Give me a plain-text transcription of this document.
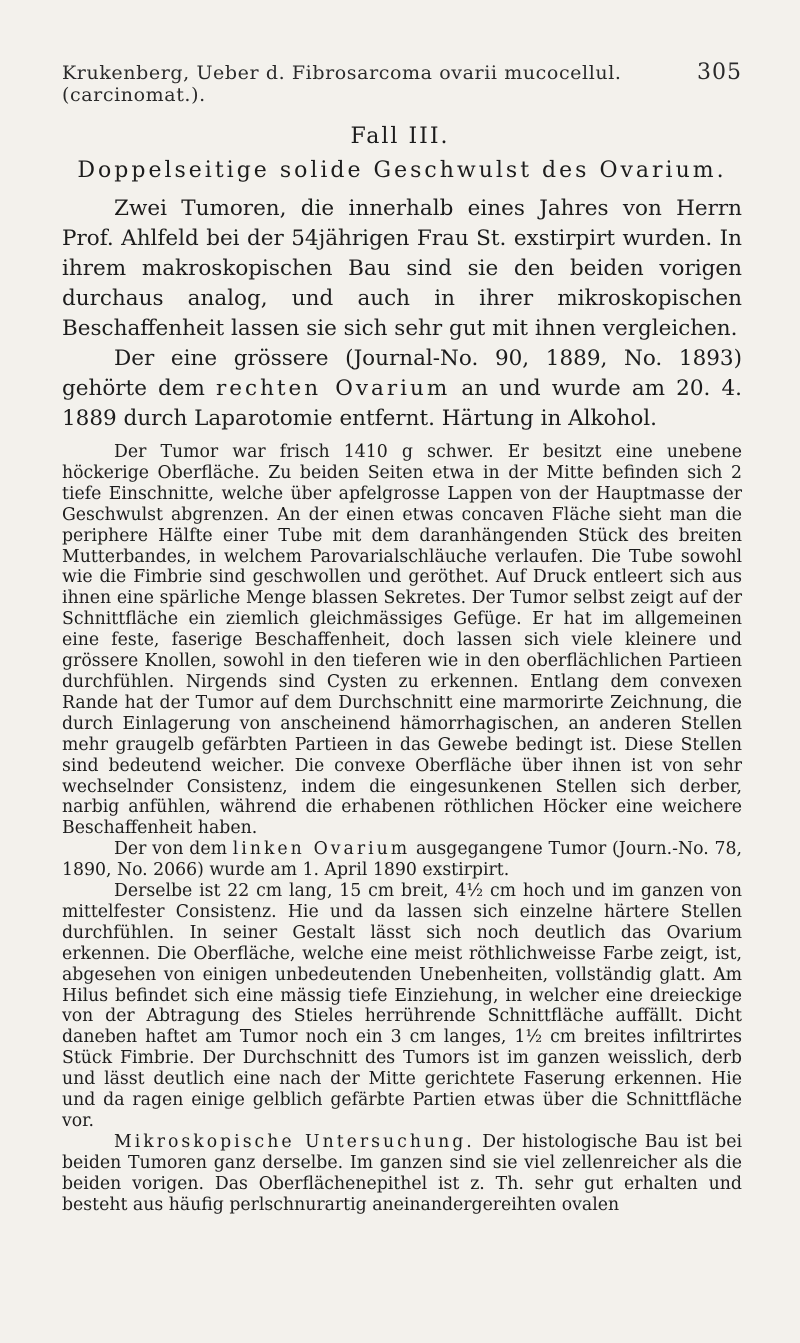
Krukenberg, Ueber d. Fibrosarcoma ovarii mucocellul. (carcinomat.).
305
Fall III.
Doppelseitige solide Geschwulst des Ovarium.

Zwei Tumoren, die innerhalb eines Jahres von Herrn Prof. Ahlfeld bei der 54jährigen Frau St. exstirpirt wurden. In ihrem makroskopischen Bau sind sie den beiden vorigen durchaus analog, und auch in ihrer mikroskopischen Beschaffenheit lassen sie sich sehr gut mit ihnen vergleichen.

Der eine grössere (Journal-No. 90, 1889, No. 1893) gehörte dem rechten Ovarium an und wurde am 20. 4. 1889 durch Laparotomie entfernt. Härtung in Alkohol.

Der Tumor war frisch 1410 g schwer. Er besitzt eine unebene höckerige Oberfläche. Zu beiden Seiten etwa in der Mitte befinden sich 2 tiefe Einschnitte, welche über apfelgrosse Lappen von der Hauptmasse der Geschwulst abgrenzen. An der einen etwas concaven Fläche sieht man die periphere Hälfte einer Tube mit dem daranhängenden Stück des breiten Mutterbandes, in welchem Parovarialschläuche verlaufen. Die Tube sowohl wie die Fimbrie sind geschwollen und geröthet. Auf Druck entleert sich aus ihnen eine spärliche Menge blassen Sekretes. Der Tumor selbst zeigt auf der Schnittfläche ein ziemlich gleichmässiges Gefüge. Er hat im allgemeinen eine feste, faserige Beschaffenheit, doch lassen sich viele kleinere und grössere Knollen, sowohl in den tieferen wie in den oberflächlichen Partieen durchfühlen. Nirgends sind Cysten zu erkennen. Entlang dem convexen Rande hat der Tumor auf dem Durchschnitt eine marmorirte Zeichnung, die durch Einlagerung von anscheinend hämorrhagischen, an anderen Stellen mehr graugelb gefärbten Partieen in das Gewebe bedingt ist. Diese Stellen sind bedeutend weicher. Die convexe Oberfläche über ihnen ist von sehr wechselnder Consistenz, indem die eingesunkenen Stellen sich derber, narbig anfühlen, während die erhabenen röthlichen Höcker eine weichere Beschaffenheit haben.

Der von dem linken Ovarium ausgegangene Tumor (Journ.-No. 78, 1890, No. 2066) wurde am 1. April 1890 exstirpirt.

Derselbe ist 22 cm lang, 15 cm breit, 4½ cm hoch und im ganzen von mittelfester Consistenz. Hie und da lassen sich einzelne härtere Stellen durchfühlen. In seiner Gestalt lässt sich noch deutlich das Ovarium erkennen. Die Oberfläche, welche eine meist röthlichweisse Farbe zeigt, ist, abgesehen von einigen unbedeutenden Unebenheiten, vollständig glatt. Am Hilus befindet sich eine mässig tiefe Einziehung, in welcher eine dreieckige von der Abtragung des Stieles herrührende Schnittfläche auffällt. Dicht daneben haftet am Tumor noch ein 3 cm langes, 1½ cm breites infiltrirtes Stück Fimbrie. Der Durchschnitt des Tumors ist im ganzen weisslich, derb und lässt deutlich eine nach der Mitte gerichtete Faserung erkennen. Hie und da ragen einige gelblich gefärbte Partien etwas über die Schnittfläche vor.

Mikroskopische Untersuchung. Der histologische Bau ist bei beiden Tumoren ganz derselbe. Im ganzen sind sie viel zellenreicher als die beiden vorigen. Das Oberflächenepithel ist z. Th. sehr gut erhalten und besteht aus häufig perlschnurartig aneinandergereihten ovalen
